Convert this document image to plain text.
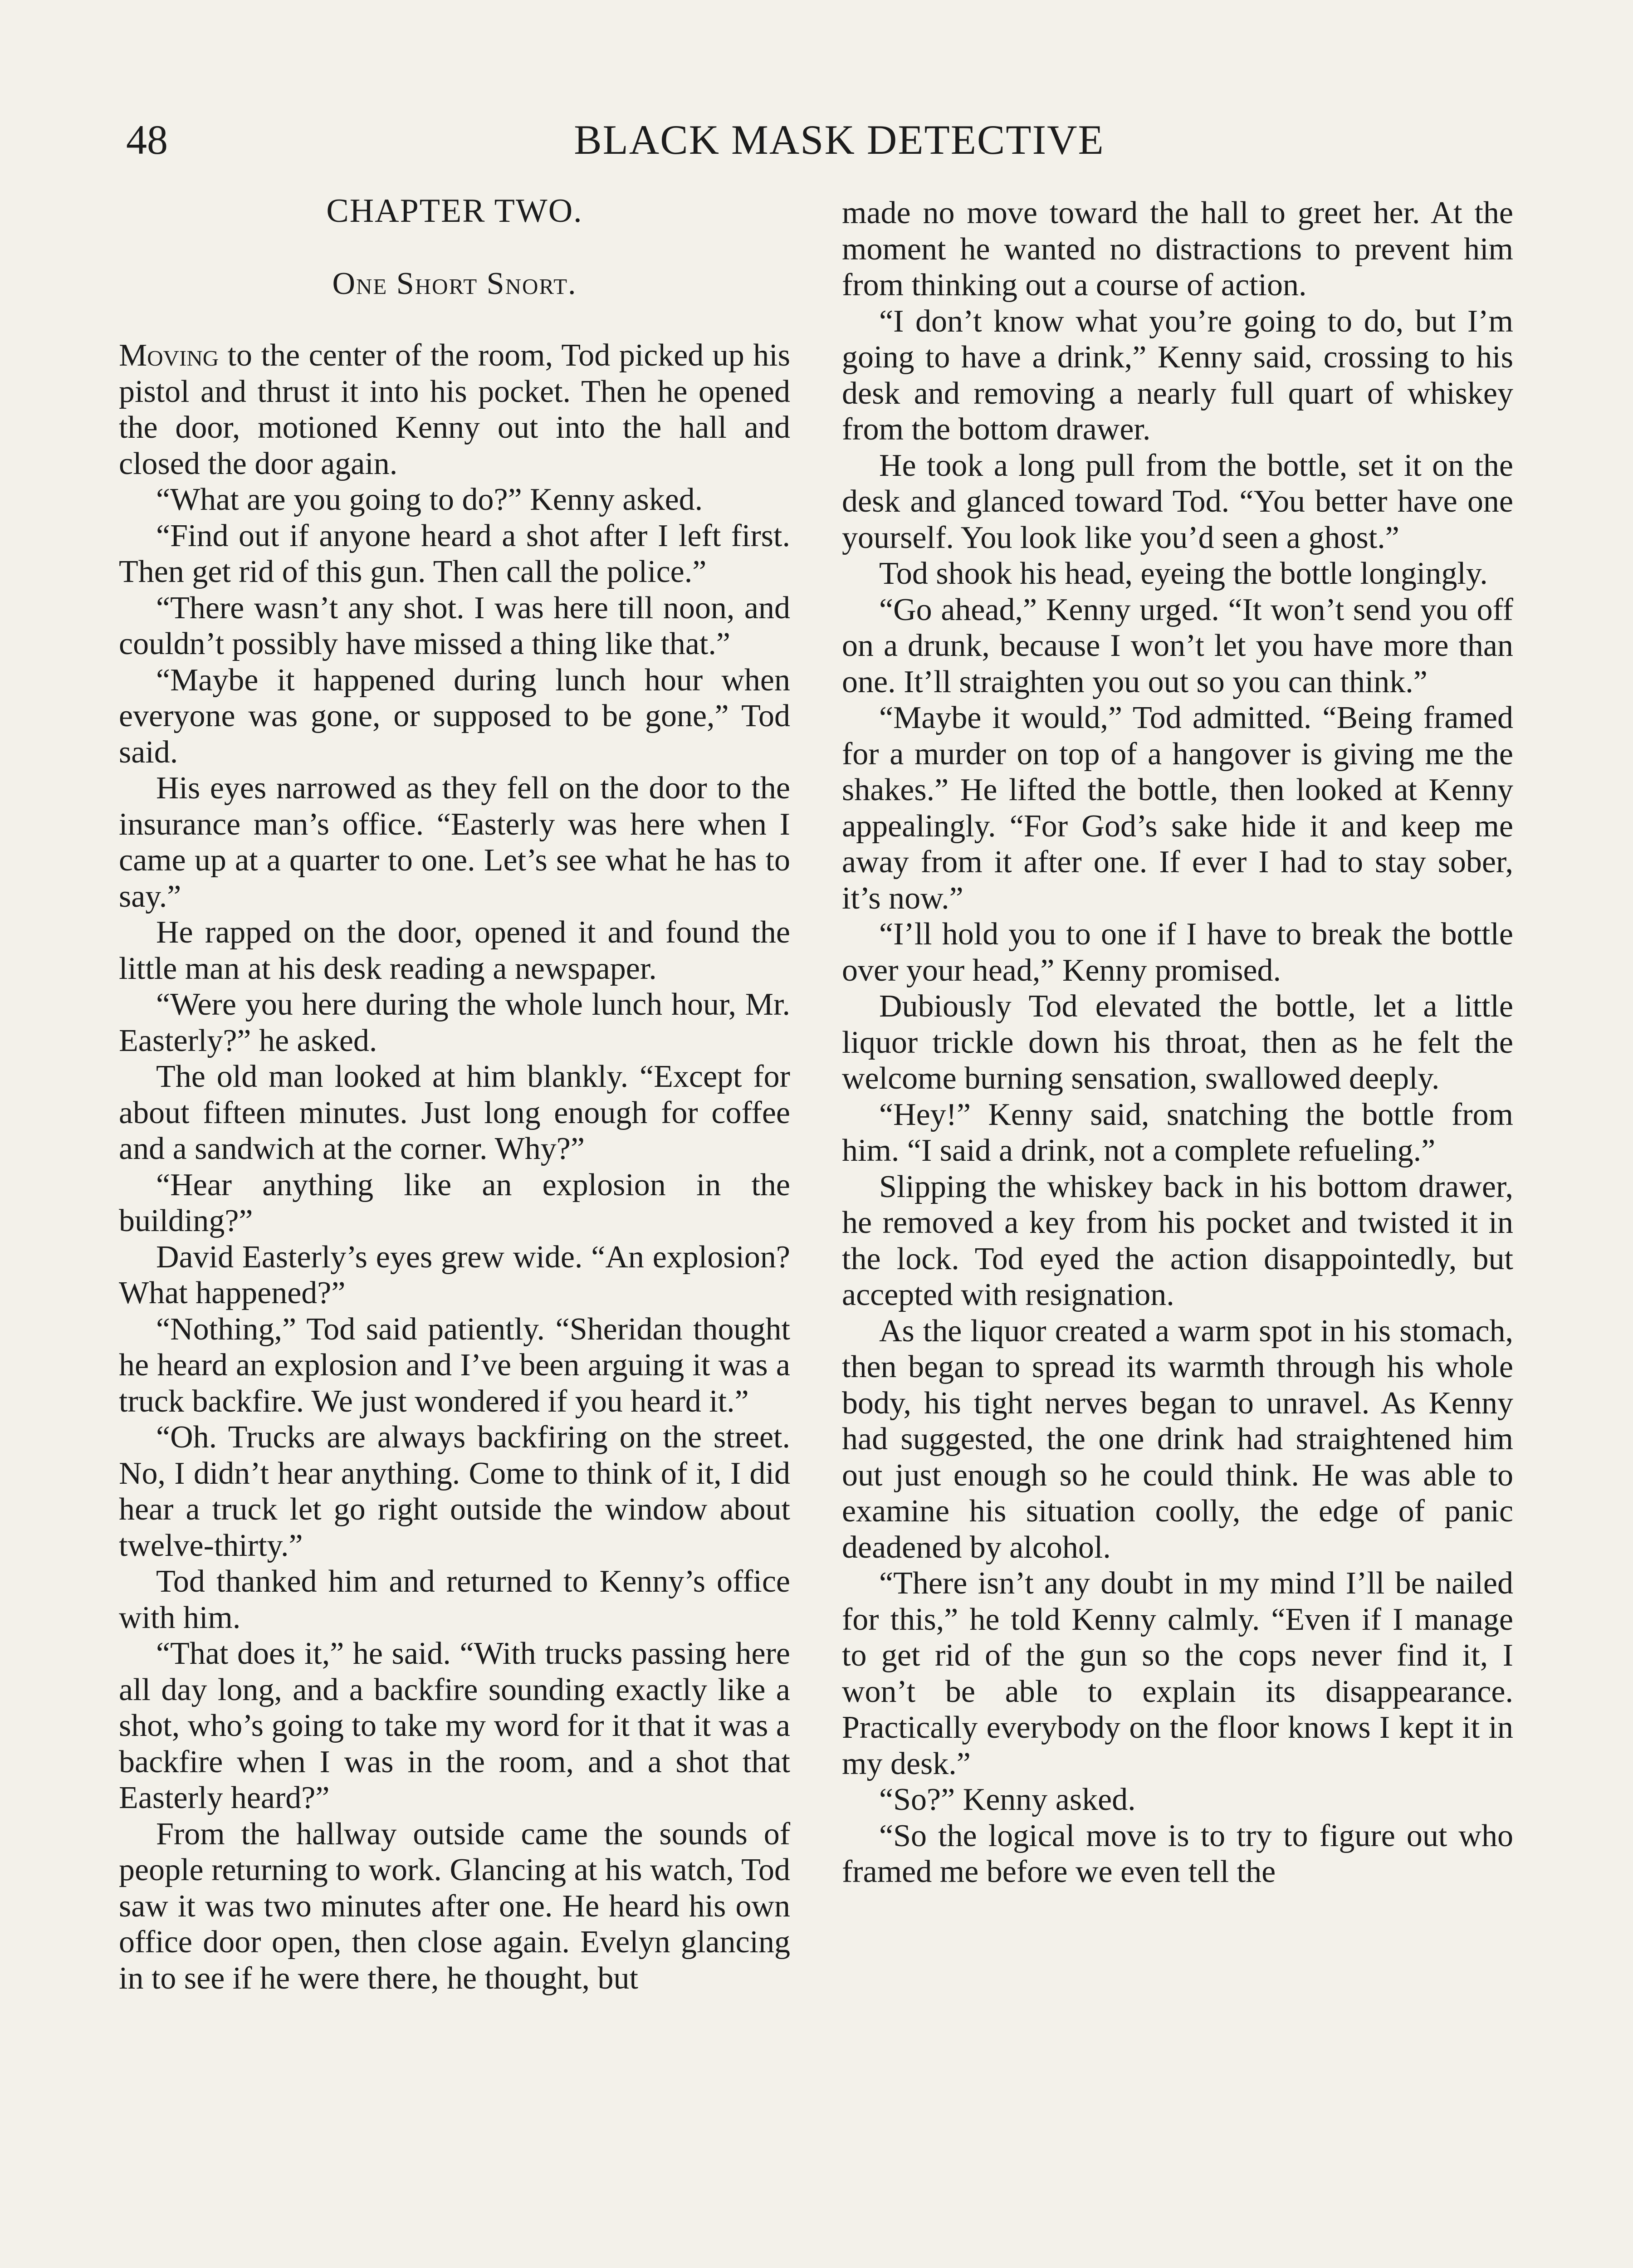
48	BLACK MASK DETECTIVE
CHAPTER TWO.
One Short Snort.

Moving to the center of the room, Tod picked up his pistol and thrust it into his pocket. Then he opened the door, motioned Kenny out into the hall and closed the door again.

“What are you going to do?” Kenny asked.

“Find out if anyone heard a shot after I left first. Then get rid of this gun. Then call the police.”

“There wasn’t any shot. I was here till noon, and couldn’t possibly have missed a thing like that.”

“Maybe it happened during lunch hour when everyone was gone, or supposed to be gone,” Tod said.

His eyes narrowed as they fell on the door to the insurance man’s office. “Easterly was here when I came up at a quarter to one. Let’s see what he has to say.”

He rapped on the door, opened it and found the little man at his desk reading a newspaper.

“Were you here during the whole lunch hour, Mr. Easterly?” he asked.

The old man looked at him blankly. “Except for about fifteen minutes. Just long enough for coffee and a sandwich at the corner. Why?”

“Hear anything like an explosion in the building?”

David Easterly’s eyes grew wide. “An explosion? What happened?”

“Nothing,” Tod said patiently. “Sheridan thought he heard an explosion and I’ve been arguing it was a truck backfire. We just wondered if you heard it.”

“Oh. Trucks are always backfiring on the street. No, I didn’t hear anything. Come to think of it, I did hear a truck let go right outside the window about twelve-thirty.”

Tod thanked him and returned to Kenny’s office with him.

“That does it,” he said. “With trucks passing here all day long, and a backfire sounding exactly like a shot, who’s going to take my word for it that it was a backfire when I was in the room, and a shot that Easterly heard?”

From the hallway outside came the sounds of people returning to work. Glancing at his watch, Tod saw it was two minutes after one. He heard his own office door open, then close again. Evelyn glancing in to see if he were there, he thought, but

made no move toward the hall to greet her. At the moment he wanted no distractions to prevent him from thinking out a course of action.

“I don’t know what you’re going to do, but I’m going to have a drink,” Kenny said, crossing to his desk and removing a nearly full quart of whiskey from the bottom drawer.

He took a long pull from the bottle, set it on the desk and glanced toward Tod. “You better have one yourself. You look like you’d seen a ghost.”

Tod shook his head, eyeing the bottle longingly.

“Go ahead,” Kenny urged. “It won’t send you off on a drunk, because I won’t let you have more than one. It’ll straighten you out so you can think.”

“Maybe it would,” Tod admitted. “Being framed for a murder on top of a hangover is giving me the shakes.” He lifted the bottle, then looked at Kenny appealingly. “For God’s sake hide it and keep me away from it after one. If ever I had to stay sober, it’s now.”

“I’ll hold you to one if I have to break the bottle over your head,” Kenny promised.

Dubiously Tod elevated the bottle, let a little liquor trickle down his throat, then as he felt the welcome burning sensation, swallowed deeply.

“Hey!” Kenny said, snatching the bottle from him. “I said a drink, not a complete refueling.”

Slipping the whiskey back in his bottom drawer, he removed a key from his pocket and twisted it in the lock. Tod eyed the action disappointedly, but accepted with resignation.

As the liquor created a warm spot in his stomach, then began to spread its warmth through his whole body, his tight nerves began to unravel. As Kenny had suggested, the one drink had straightened him out just enough so he could think. He was able to examine his situation coolly, the edge of panic deadened by alcohol.

“There isn’t any doubt in my mind I’ll be nailed for this,” he told Kenny calmly. “Even if I manage to get rid of the gun so the cops never find it, I won’t be able to explain its disappearance. Practically everybody on the floor knows I kept it in my desk.”

“So?” Kenny asked.

“So the logical move is to try to figure out who framed me before we even tell the
